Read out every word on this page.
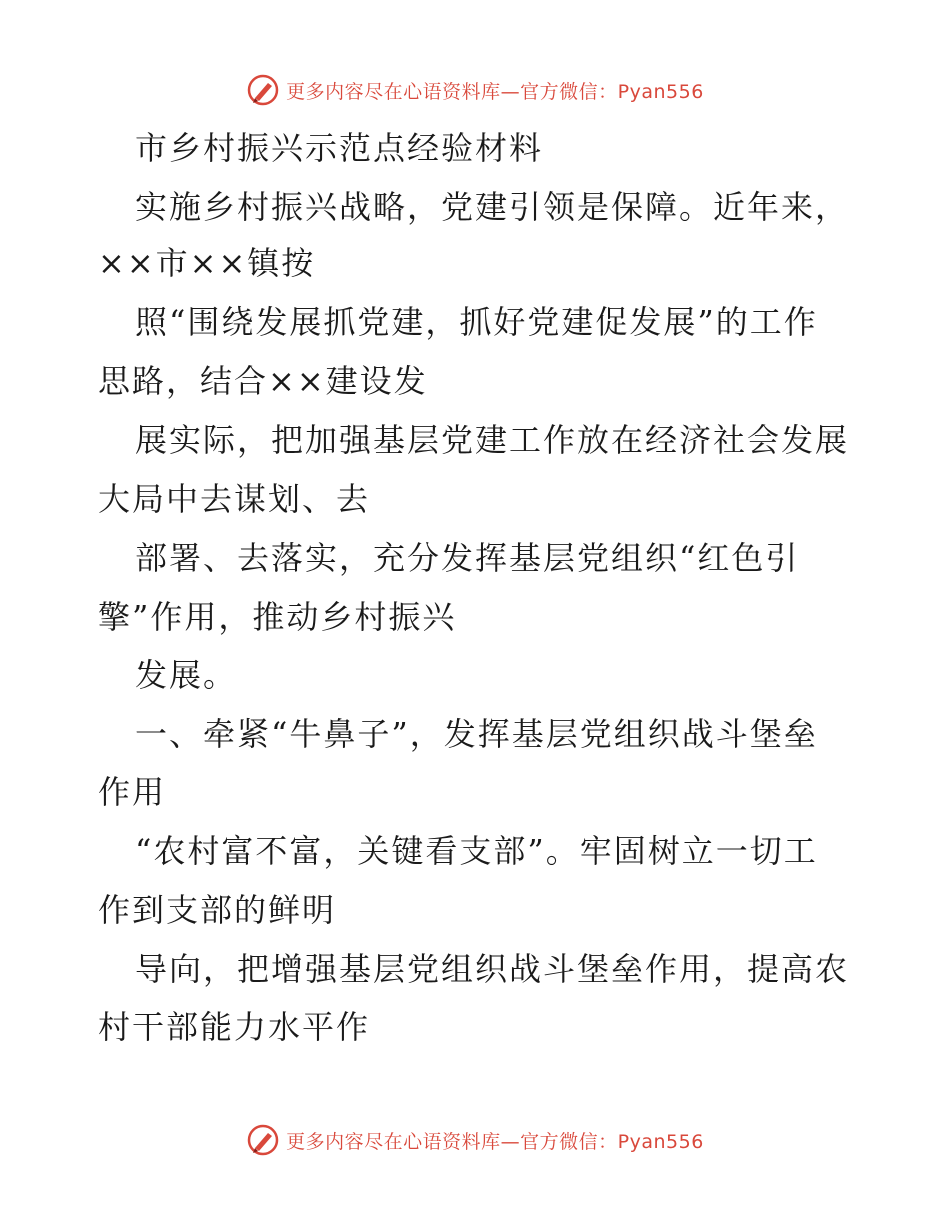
更多内容尽在心语资料库—官方微信：Pyan556
市乡村振兴示范点经验材料
实施乡村振兴战略，党建引领是保障。近年来，
××市××镇按
照“围绕发展抓党建，抓好党建促发展”的工作
思路，结合××建设发
展实际，把加强基层党建工作放在经济社会发展
大局中去谋划、去
部署、去落实，充分发挥基层党组织“红色引
擎”作用，推动乡村振兴
发展。
一、牵紧“牛鼻子”，发挥基层党组织战斗堡垒
作用
“农村富不富，关键看支部”。牢固树立一切工
作到支部的鲜明
导向，把增强基层党组织战斗堡垒作用，提高农
村干部能力水平作
更多内容尽在心语资料库—官方微信：Pyan556
